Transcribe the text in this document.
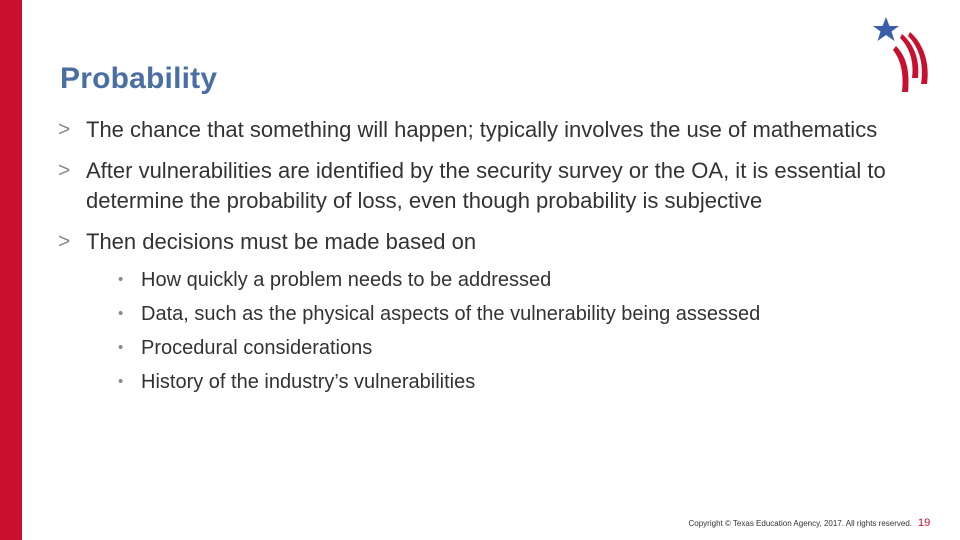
Probability
> The chance that something will happen; typically involves the use of mathematics
> After vulnerabilities are identified by the security survey or the OA, it is essential to determine the probability of loss, even though probability is subjective
> Then decisions must be made based on
• How quickly a problem needs to be addressed
• Data, such as the physical aspects of the vulnerability being assessed
• Procedural considerations
• History of the industry’s vulnerabilities
Copyright © Texas Education Agency, 2017. All rights reserved. 19
